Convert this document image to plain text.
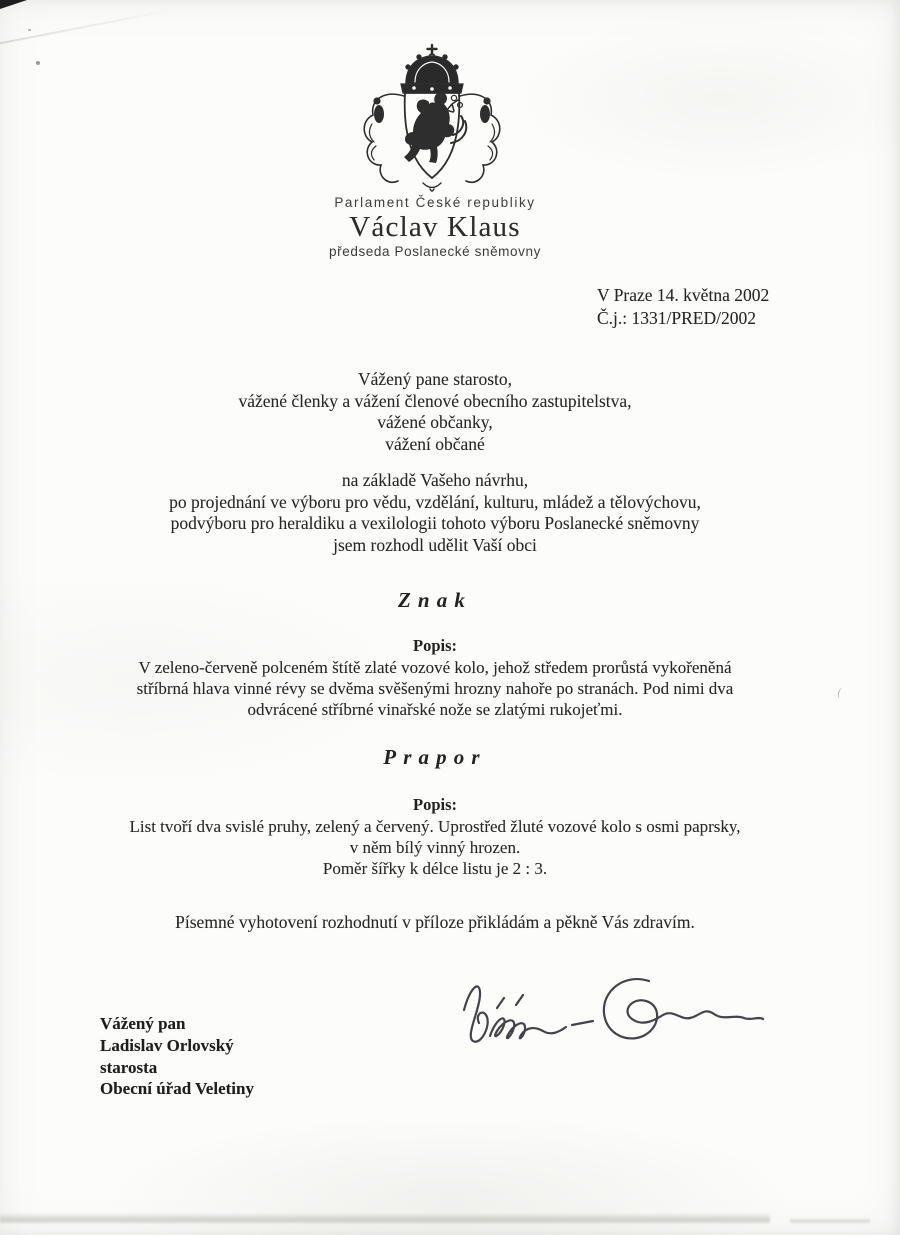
Parlament České republiky
Václav Klaus
předseda Poslanecké sněmovny
V Praze 14. května 2002
Č.j.: 1331/PRED/2002
Vážený pane starosto,
vážené členky a vážení členové obecního zastupitelstva,
vážené občanky,
vážení občané
na základě Vašeho návrhu,
po projednání ve výboru pro vědu, vzdělání, kulturu, mládež a tělovýchovu,
podvýboru pro heraldiku a vexilologii tohoto výboru Poslanecké sněmovny
jsem rozhodl udělit Vaší obci
Znak
Popis:
V zeleno-červeně polceném štítě zlaté vozové kolo, jehož středem prorůstá vykořeněná
stříbrná hlava vinné révy se dvěma svěšenými hrozny nahoře po stranách. Pod nimi dva
odvrácené stříbrné vinařské nože se zlatými rukojeťmi.
Prapor
Popis:
List tvoří dva svislé pruhy, zelený a červený. Uprostřed žluté vozové kolo s osmi paprsky,
v něm bílý vinný hrozen.
Poměr šířky k délce listu je 2 : 3.
Písemné vyhotovení rozhodnutí v příloze přikládám a pěkně Vás zdravím.
Vážený pan
Ladislav Orlovský
starosta
Obecní úřad Veletiny
